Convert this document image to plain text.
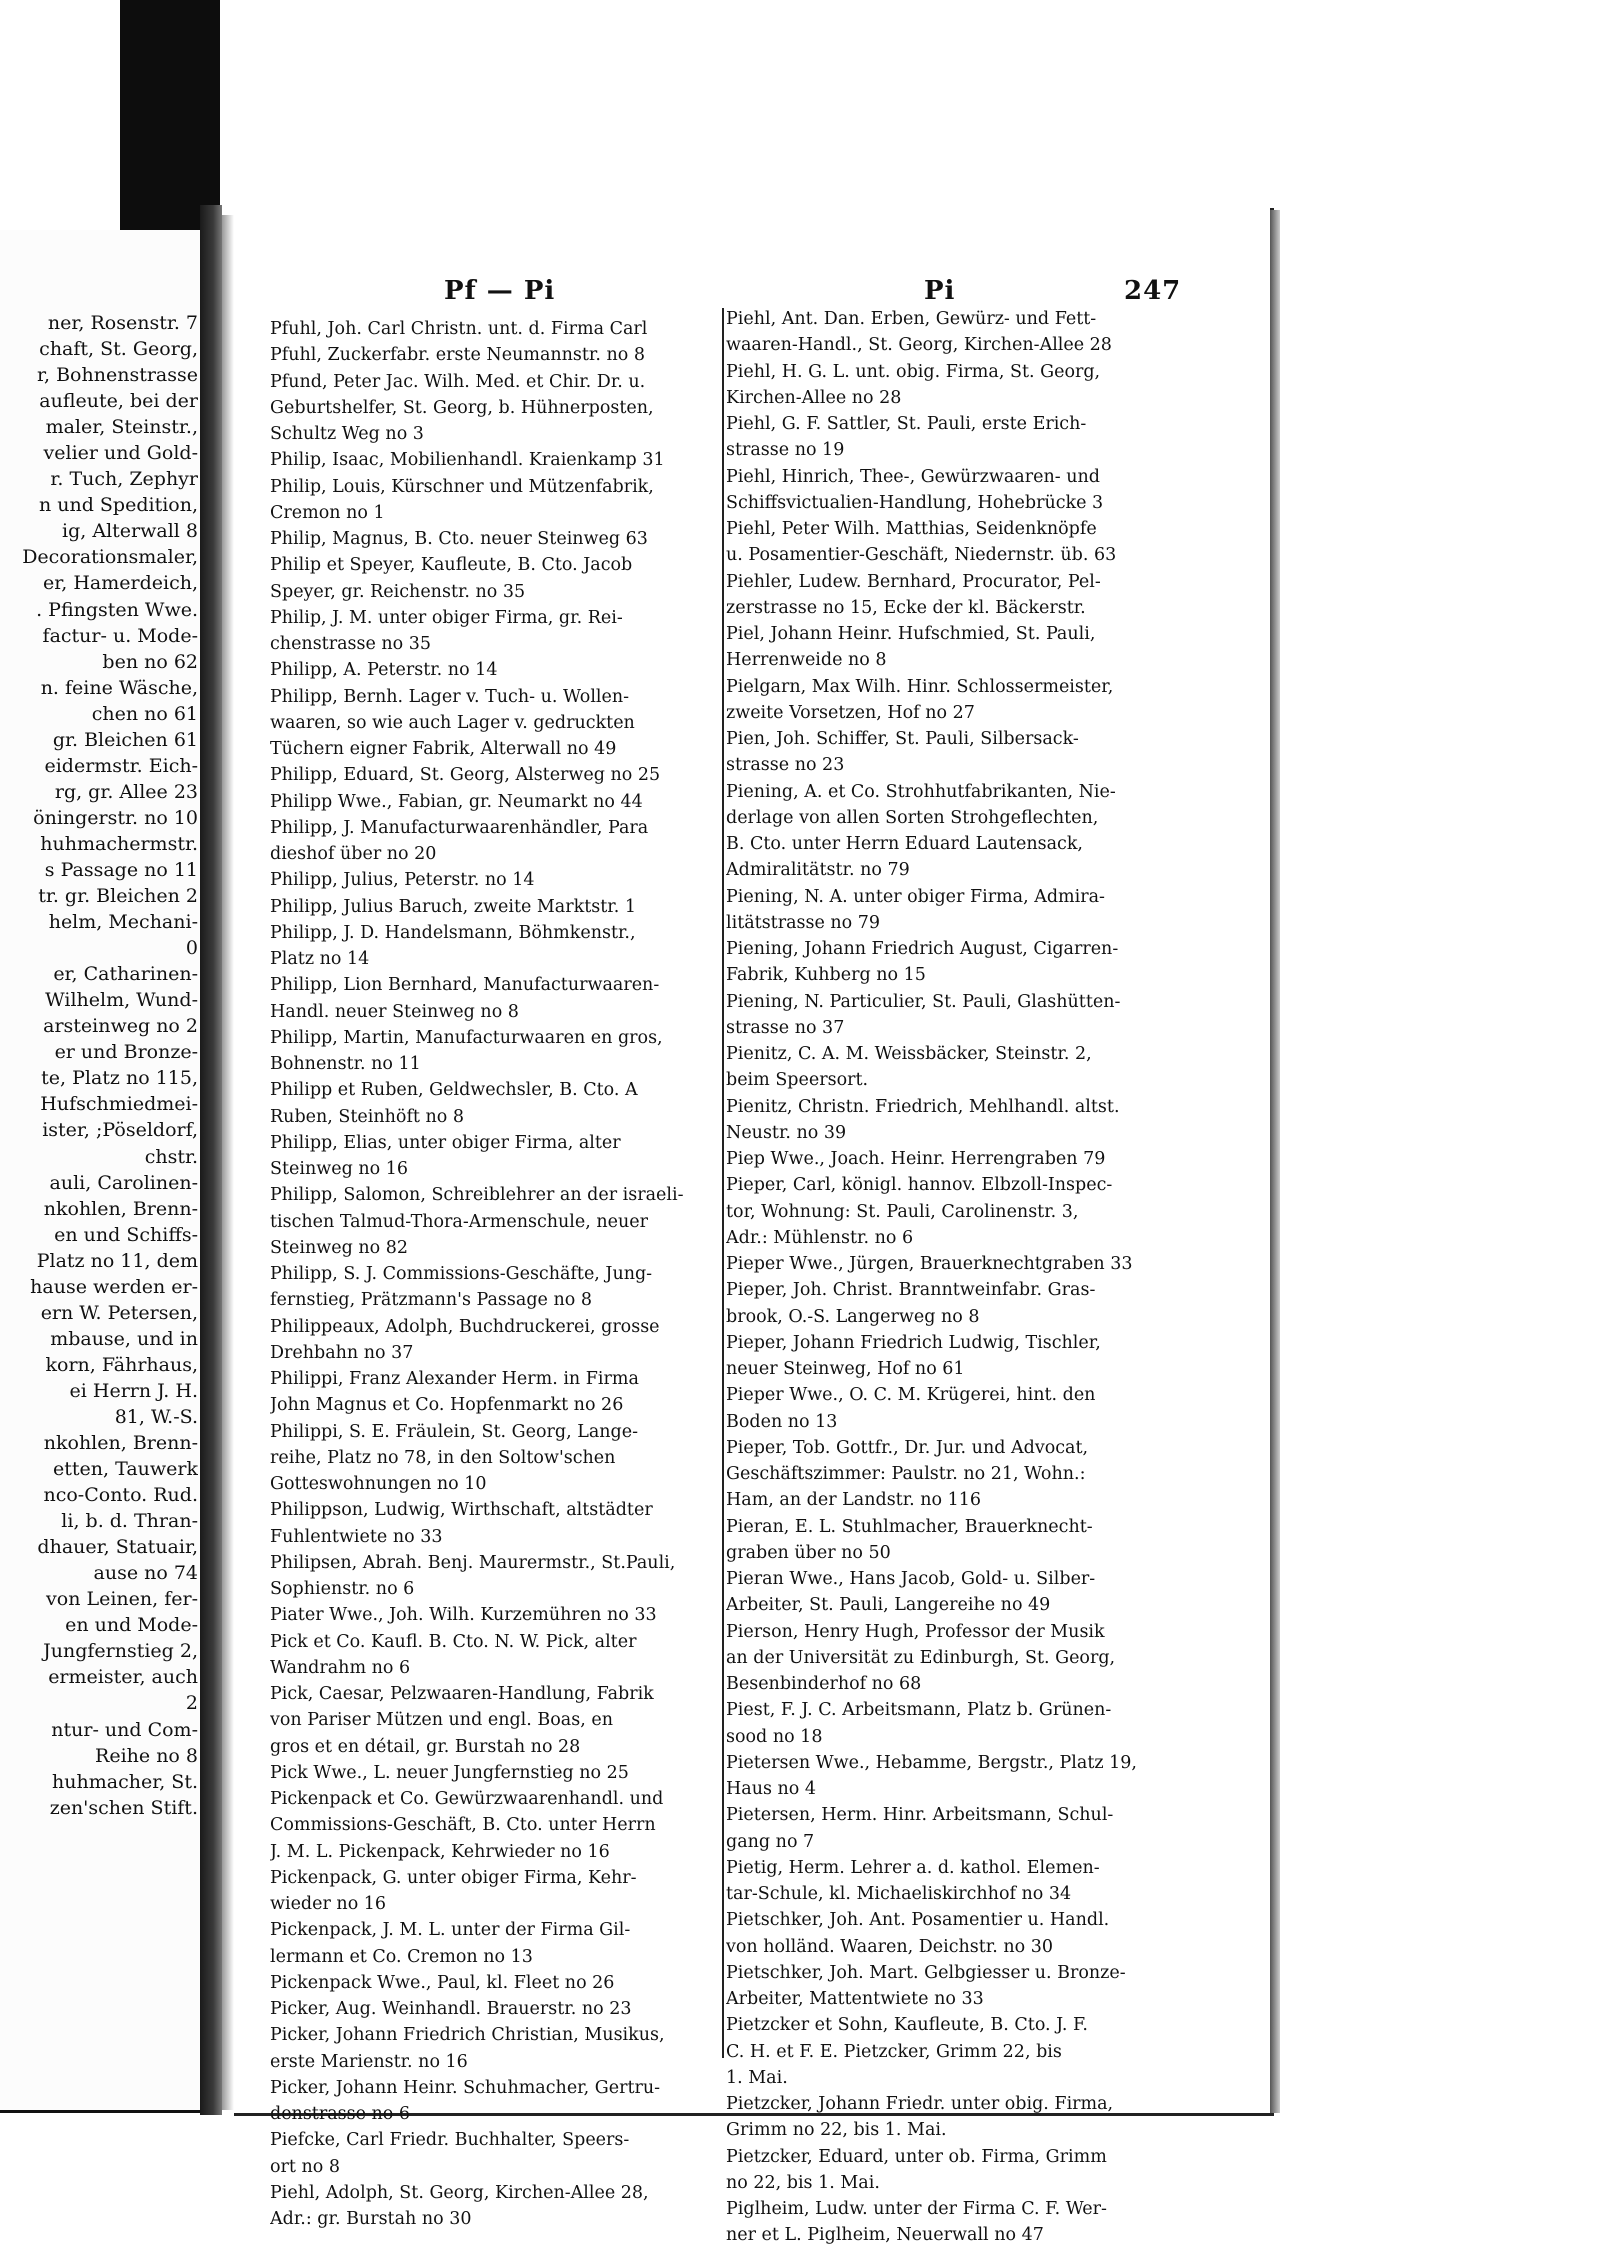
ner, Rosenstr. 7
chaft, St. Georg,
r, Bohnenstrasse
aufleute, bei der
maler, Steinstr.,
velier und Gold-
r. Tuch, Zephyr
n und Spedition,
ig, Alterwall 8
Decorationsmaler,
er, Hamerdeich,
. Pfingsten Wwe.
factur- u. Mode-
ben no 62
n. feine Wäsche,
chen no 61
gr. Bleichen 61
eidermstr. Eich-
rg, gr. Allee 23
öningerstr. no 10
huhmachermstr.
s Passage no 11
tr. gr. Bleichen 2
helm, Mechani-
0
er, Catharinen-
Wilhelm, Wund-
arsteinweg no 2
er und Bronze-
te, Platz no 115,
Hufschmiedmei-
ister, ;Pöseldorf,
chstr.
auli, Carolinen-
nkohlen, Brenn-
en und Schiffs-
Platz no 11, dem
hause werden er-
ern W. Petersen,
mbause, und in
korn, Fährhaus,
ei Herrn J. H.
81, W.-S.
nkohlen, Brenn-
etten, Tauwerk
nco-Conto. Rud.
li, b. d. Thran-
dhauer, Statuair,
ause no 74
von Leinen, fer-
en und Mode-
Jungfernstieg 2,
ermeister, auch
2
ntur- und Com-
Reihe no 8
huhmacher, St.
zen'schen Stift.
Pf — Pi	Pi	247
Pfuhl, Joh. Carl Christn. unt. d. Firma Carl
Pfuhl, Zuckerfabr. erste Neumannstr. no 8
Pfund, Peter Jac. Wilh. Med. et Chir. Dr. u.
Geburtshelfer, St. Georg, b. Hühnerposten,
Schultz Weg no 3
Philip, Isaac, Mobilienhandl. Kraienkamp 31
Philip, Louis, Kürschner und Mützenfabrik,
Cremon no 1
Philip, Magnus, B. Cto. neuer Steinweg 63
Philip et Speyer, Kaufleute, B. Cto. Jacob
Speyer, gr. Reichenstr. no 35
Philip, J. M. unter obiger Firma, gr. Rei-
chenstrasse no 35
Philipp, A. Peterstr. no 14
Philipp, Bernh. Lager v. Tuch- u. Wollen-
waaren, so wie auch Lager v. gedruckten
Tüchern eigner Fabrik, Alterwall no 49
Philipp, Eduard, St. Georg, Alsterweg no 25
Philipp Wwe., Fabian, gr. Neumarkt no 44
Philipp, J. Manufacturwaarenhändler, Para
dieshof über no 20
Philipp, Julius, Peterstr. no 14
Philipp, Julius Baruch, zweite Marktstr. 1
Philipp, J. D. Handelsmann, Böhmkenstr.,
Platz no 14
Philipp, Lion Bernhard, Manufacturwaaren-
Handl. neuer Steinweg no 8
Philipp, Martin, Manufacturwaaren en gros,
Bohnenstr. no 11
Philipp et Ruben, Geldwechsler, B. Cto. A
Ruben, Steinhöft no 8
Philipp, Elias, unter obiger Firma, alter
Steinweg no 16
Philipp, Salomon, Schreiblehrer an der israeli-
tischen Talmud-Thora-Armenschule, neuer
Steinweg no 82
Philipp, S. J. Commissions-Geschäfte, Jung-
fernstieg, Prätzmann's Passage no 8
Philippeaux, Adolph, Buchdruckerei, grosse
Drehbahn no 37
Philippi, Franz Alexander Herm. in Firma
John Magnus et Co. Hopfenmarkt no 26
Philippi, S. E. Fräulein, St. Georg, Lange-
reihe, Platz no 78, in den Soltow'schen
Gotteswohnungen no 10
Philippson, Ludwig, Wirthschaft, altstädter
Fuhlentwiete no 33
Philipsen, Abrah. Benj. Maurermstr., St.Pauli,
Sophienstr. no 6
Piater Wwe., Joh. Wilh. Kurzemühren no 33
Pick et Co. Kaufl. B. Cto. N. W. Pick, alter
Wandrahm no 6
Pick, Caesar, Pelzwaaren-Handlung, Fabrik
von Pariser Mützen und engl. Boas, en
gros et en détail, gr. Burstah no 28
Pick Wwe., L. neuer Jungfernstieg no 25
Pickenpack et Co. Gewürzwaarenhandl. und
Commissions-Geschäft, B. Cto. unter Herrn
J. M. L. Pickenpack, Kehrwieder no 16
Pickenpack, G. unter obiger Firma, Kehr-
wieder no 16
Pickenpack, J. M. L. unter der Firma Gil-
lermann et Co. Cremon no 13
Pickenpack Wwe., Paul, kl. Fleet no 26
Picker, Aug. Weinhandl. Brauerstr. no 23
Picker, Johann Friedrich Christian, Musikus,
erste Marienstr. no 16
Picker, Johann Heinr. Schuhmacher, Gertru-
denstrasse no 6
Piefcke, Carl Friedr. Buchhalter, Speers-
ort no 8
Piehl, Adolph, St. Georg, Kirchen-Allee 28,
Adr.: gr. Burstah no 30
Piehl, Ant. Dan. Erben, Gewürz- und Fett-
waaren-Handl., St. Georg, Kirchen-Allee 28
Piehl, H. G. L. unt. obig. Firma, St. Georg,
Kirchen-Allee no 28
Piehl, G. F. Sattler, St. Pauli, erste Erich-
strasse no 19
Piehl, Hinrich, Thee-, Gewürzwaaren- und
Schiffsvictualien-Handlung, Hohebrücke 3
Piehl, Peter Wilh. Matthias, Seidenknöpfe
u. Posamentier-Geschäft, Niedernstr. üb. 63
Piehler, Ludew. Bernhard, Procurator, Pel-
zerstrasse no 15, Ecke der kl. Bäckerstr.
Piel, Johann Heinr. Hufschmied, St. Pauli,
Herrenweide no 8
Pielgarn, Max Wilh. Hinr. Schlossermeister,
zweite Vorsetzen, Hof no 27
Pien, Joh. Schiffer, St. Pauli, Silbersack-
strasse no 23
Piening, A. et Co. Strohhutfabrikanten, Nie-
derlage von allen Sorten Strohgeflechten,
B. Cto. unter Herrn Eduard Lautensack,
Admiralitätstr. no 79
Piening, N. A. unter obiger Firma, Admira-
litätstrasse no 79
Piening, Johann Friedrich August, Cigarren-
Fabrik, Kuhberg no 15
Piening, N. Particulier, St. Pauli, Glashütten-
strasse no 37
Pienitz, C. A. M. Weissbäcker, Steinstr. 2,
beim Speersort.
Pienitz, Christn. Friedrich, Mehlhandl. altst.
Neustr. no 39
Piep Wwe., Joach. Heinr. Herrengraben 79
Pieper, Carl, königl. hannov. Elbzoll-Inspec-
tor, Wohnung: St. Pauli, Carolinenstr. 3,
Adr.: Mühlenstr. no 6
Pieper Wwe., Jürgen, Brauerknechtgraben 33
Pieper, Joh. Christ. Branntweinfabr. Gras-
brook, O.-S. Langerweg no 8
Pieper, Johann Friedrich Ludwig, Tischler,
neuer Steinweg, Hof no 61
Pieper Wwe., O. C. M. Krügerei, hint. den
Boden no 13
Pieper, Tob. Gottfr., Dr. Jur. und Advocat,
Geschäftszimmer: Paulstr. no 21, Wohn.:
Ham, an der Landstr. no 116
Pieran, E. L. Stuhlmacher, Brauerknecht-
graben über no 50
Pieran Wwe., Hans Jacob, Gold- u. Silber-
Arbeiter, St. Pauli, Langereihe no 49
Pierson, Henry Hugh, Professor der Musik
an der Universität zu Edinburgh, St. Georg,
Besenbinderhof no 68
Piest, F. J. C. Arbeitsmann, Platz b. Grünen-
sood no 18
Pietersen Wwe., Hebamme, Bergstr., Platz 19,
Haus no 4
Pietersen, Herm. Hinr. Arbeitsmann, Schul-
gang no 7
Pietig, Herm. Lehrer a. d. kathol. Elemen-
tar-Schule, kl. Michaeliskirchhof no 34
Pietschker, Joh. Ant. Posamentier u. Handl.
von holländ. Waaren, Deichstr. no 30
Pietschker, Joh. Mart. Gelbgiesser u. Bronze-
Arbeiter, Mattentwiete no 33
Pietzcker et Sohn, Kaufleute, B. Cto. J. F.
C. H. et F. E. Pietzcker, Grimm 22, bis
1. Mai.
Pietzcker, Johann Friedr. unter obig. Firma,
Grimm no 22, bis 1. Mai.
Pietzcker, Eduard, unter ob. Firma, Grimm
no 22, bis 1. Mai.
Piglheim, Ludw. unter der Firma C. F. Wer-
ner et L. Piglheim, Neuerwall no 47
